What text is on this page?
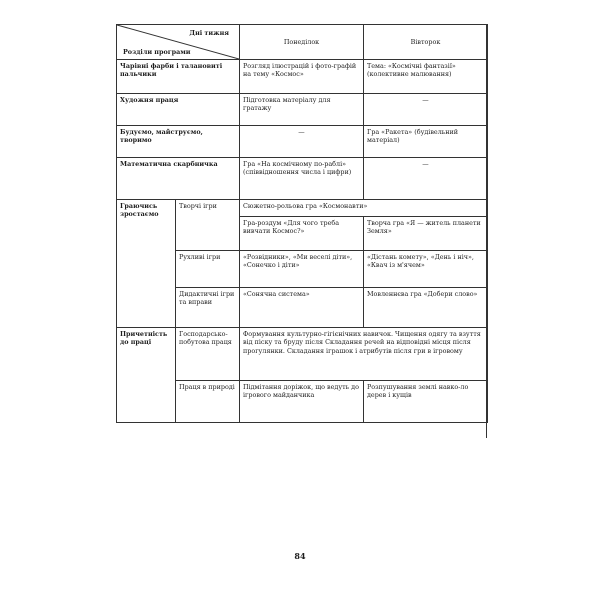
Дні тижня
Розділи програми		Понеділок	Вівторок
Чарівні фарби і талановиті пальчики		Розгляд ілюстрацій і фото-графій на тему «Космос»	Тема: «Космічні фантазії» (колективне малювання)
Художня праця		Підготовка матеріалу для гратажу	—
Будуємо, майструємо, творимо		—	Гра «Ракета» (будівельний матеріал)
Математична скарбничка		Гра «На космічному по-раблі» (співвідношення числа і цифри)	—
Граючись зростаємо	Творчі ігри	Сюжетно-рольова гра «Космонавти»	
		Гра-роздум «Для чого треба вивчати Космос?»	Творча гра «Я — житель планети Земля»
	Рухливі ігри	«Розвідники», «Ми веселі діти», «Сонечко і діти»	«Дістань комету», «День і ніч», «Квач із м'ячем»
	Дидактичні ігри та вправи	«Сонячна система»	Мовленнєва гра «Добери слово»
Причетність до праці	Господарсько-побутова праця	Формування культурно-гігієнічних навичок. Чищення одягу та взуття від піску та бруду після Складання речей на відповідні місця після прогулянки. Складання іграшок і атрибутів після гри в ігровому	
	Праця в природі	Підмітання доріжок, що ведуть до ігрового майданчика	Розпушування землі навко-ло дерев і кущів
84
